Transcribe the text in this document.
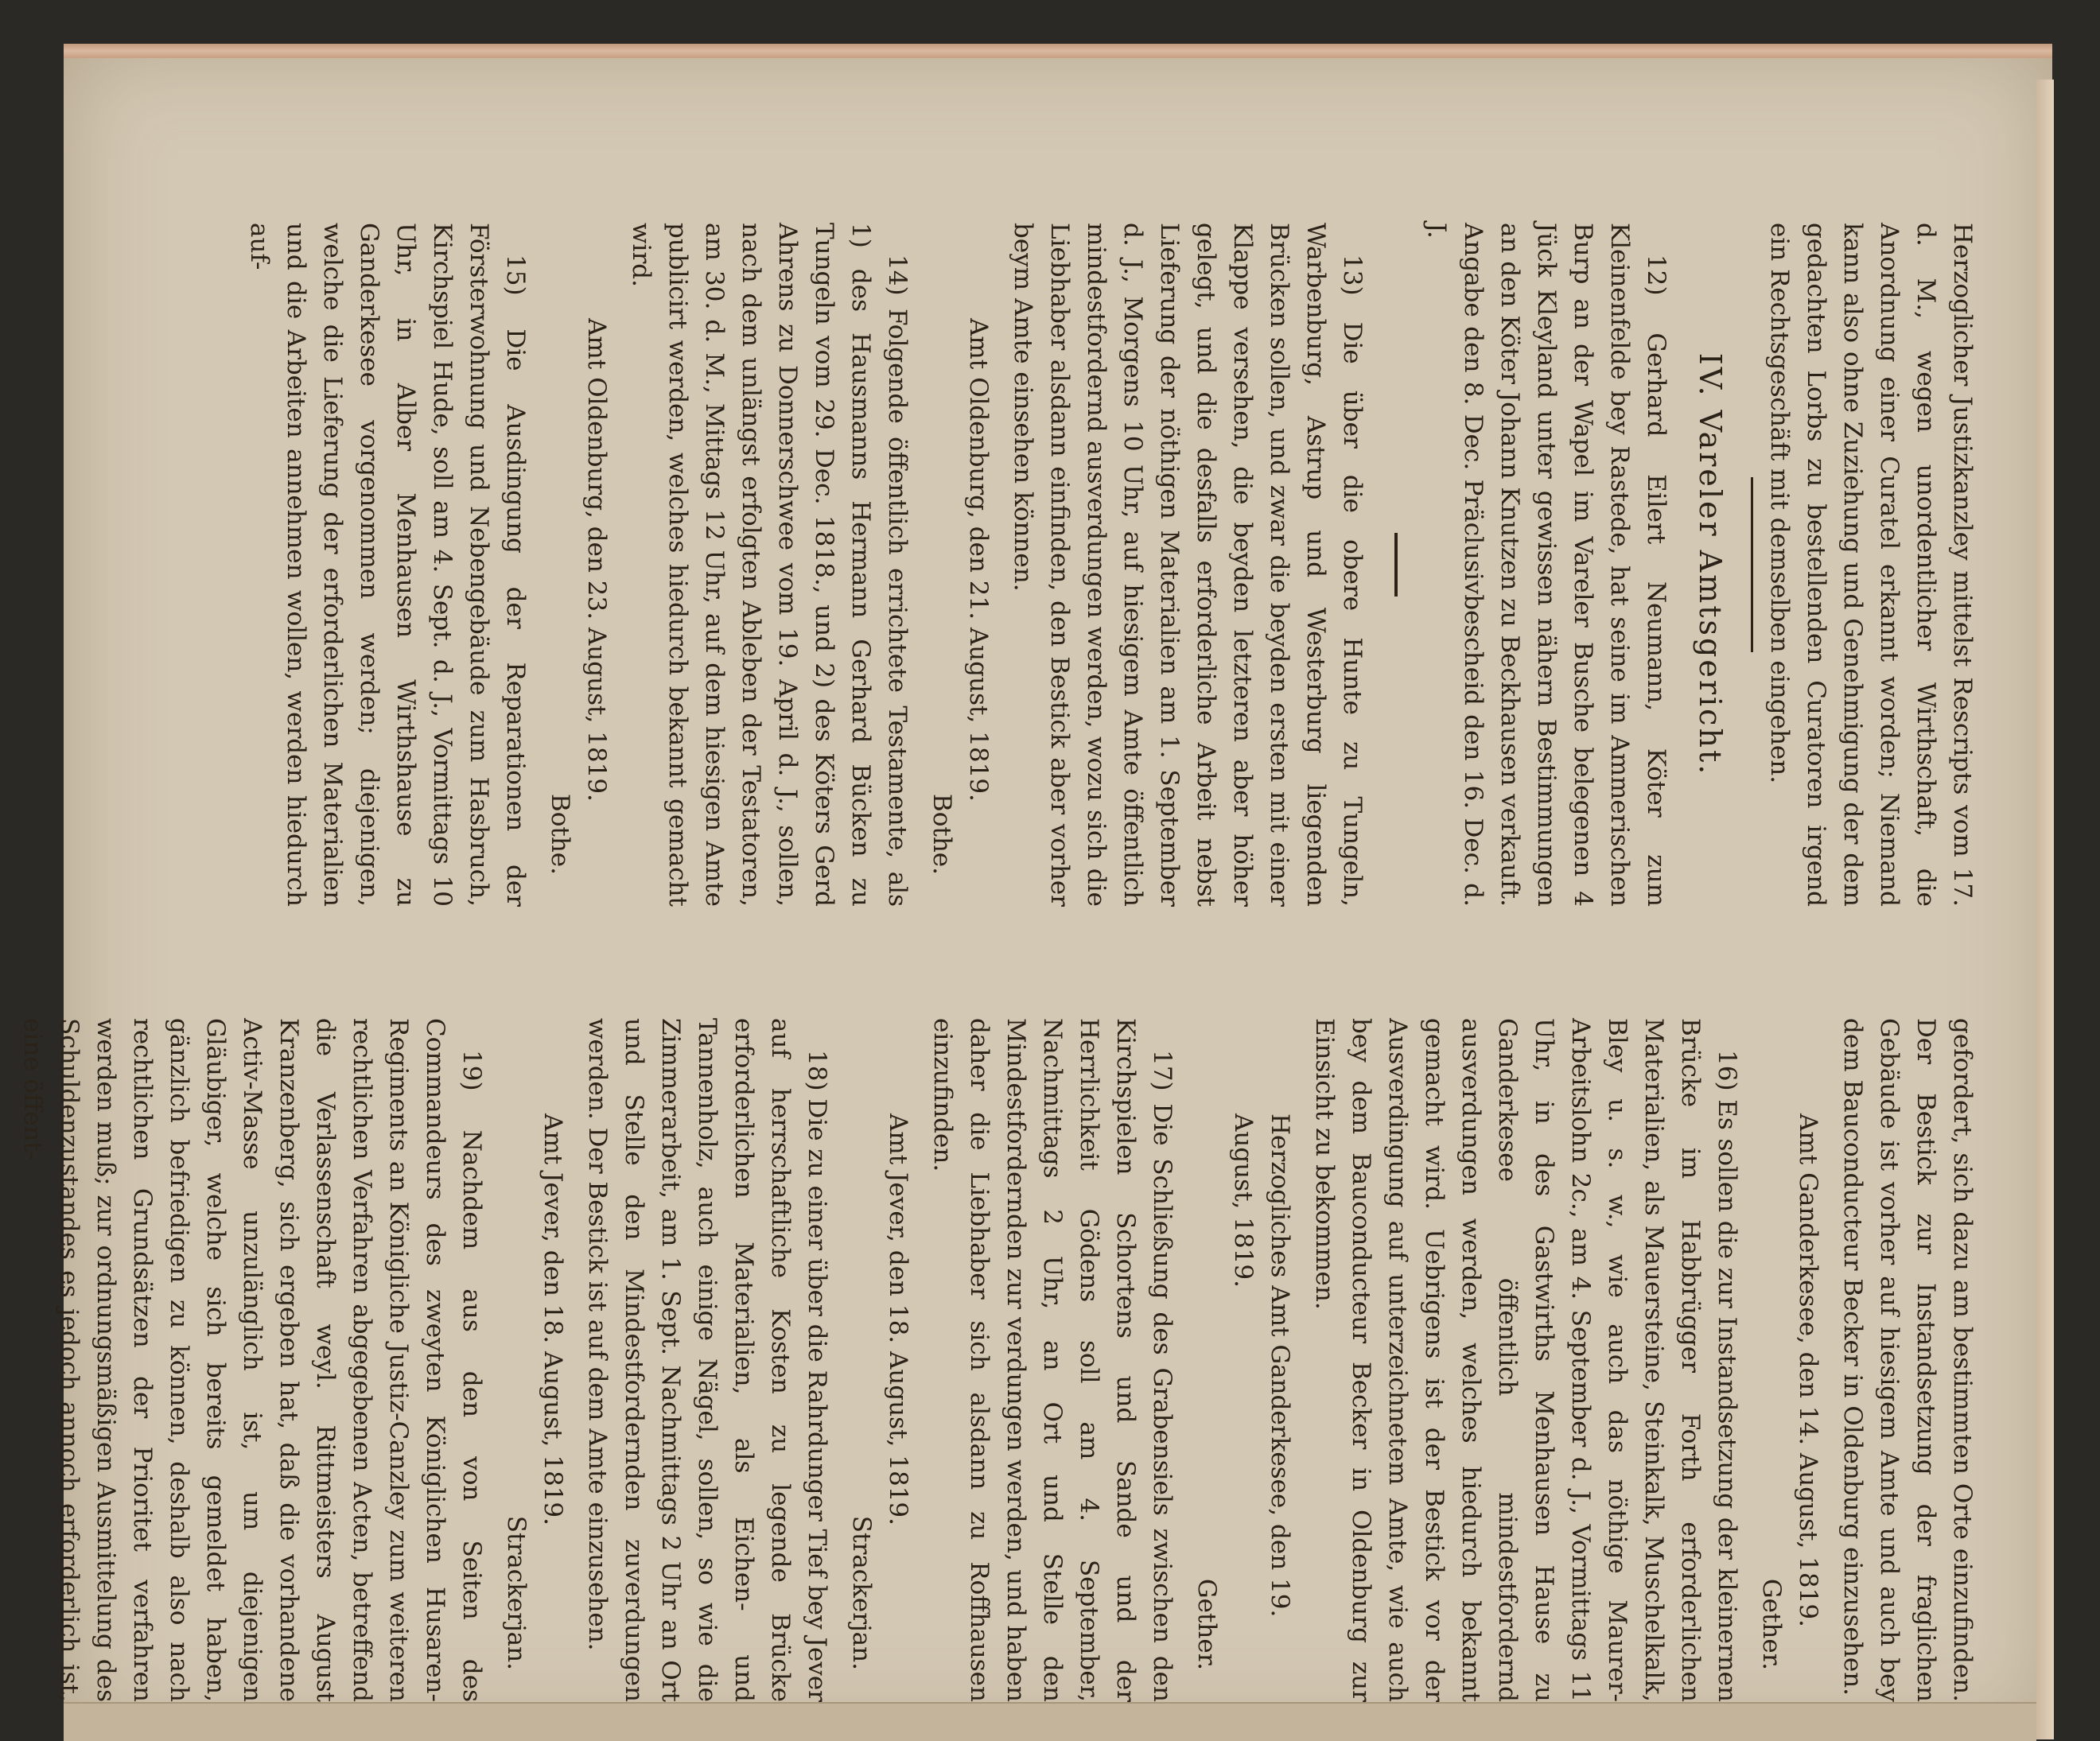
Herzoglicher Justizkanzley mittelst Rescripts vom 17. d. M., wegen unordentlicher Wirthschaft, die Anordnung einer Curatel erkannt worden; Niemand kann also ohne Zuziehung und Genehmigung der dem gedachten Lorbs zu bestellenden Curatoren irgend ein Rechtsgeschäft mit demselben eingehen.

IV. Vareler Amtsgericht.

12) Gerhard Eilert Neumann, Köter zum Kleinenfelde bey Rastede, hat seine im Ammerischen Burp an der Wapel im Vareler Busche belegenen 4 Jück Kleyland unter gewissen nähern Bestimmungen an den Köter Johann Knutzen zu Beckhausen verkauft. Angabe den 8. Dec. Präclusivbescheid den 16. Dec. d. J.

13) Die über die obere Hunte zu Tungeln, Warbenburg, Astrup und Westerburg liegenden Brücken sollen, und zwar die beyden ersten mit einer Klappe versehen, die beyden letzteren aber höher gelegt, und die desfalls erforderliche Arbeit nebst Lieferung der nöthigen Materialien am 1. September d. J., Morgens 10 Uhr, auf hiesigem Amte öffentlich mindestfordernd ausverdungen werden, wozu sich die Liebhaber alsdann einfinden, den Bestick aber vorher beym Amte einsehen können.

Amt Oldenburg, den 21. August, 1819.

Bothe.

14) Folgende öffentlich errichtete Testamente, als 1) des Hausmanns Hermann Gerhard Bücken zu Tungeln vom 29. Dec. 1818., und 2) des Köters Gerd Ahrens zu Donnerschwee vom 19. April d. J., sollen, nach dem unlängst erfolgten Ableben der Testatoren, am 30. d. M., Mittags 12 Uhr, auf dem hiesigen Amte publicirt werden, welches hiedurch bekannt gemacht wird.

Amt Oldenburg, den 23. August, 1819.

Bothe.

15) Die Ausdingung der Reparationen der Försterwohnung und Nebengebäude zum Hasbruch, Kirchspiel Hude, soll am 4. Sept. d. J., Vormittags 10 Uhr, in Alber Menhausen Wirthshause zu Ganderkesee vorgenommen werden; diejenigen, welche die Lieferung der erforderlichen Materialien und die Arbeiten annehmen wollen, werden hiedurch auf-

gefordert, sich dazu am bestimmten Orte einzufinden. Der Bestick zur Instandsetzung der fraglichen Gebäude ist vorher auf hiesigem Amte und auch bey dem Bauconducteur Becker in Oldenburg einzusehen.

Amt Ganderkesee, den 14. August, 1819.

Gether.

16) Es sollen die zur Instandsetzung der kleinernen Brücke im Habbrügger Forth erforderlichen Materialien, als Mauersteine, Steinkalk, Muschelkalk, Bley u. s. w., wie auch das nöthige Maurer-Arbeitslohn 2c., am 4. September d. J., Vormittags 11 Uhr, in des Gastwirths Menhausen Hause zu Ganderkesee öffentlich mindestfordernd ausverdungen werden, welches hiedurch bekannt gemacht wird. Uebrigens ist der Bestick vor der Ausverdingung auf unterzeichnetem Amte, wie auch bey dem Bauconducteur Becker in Oldenburg zur Einsicht zu bekommen.

Herzogliches Amt Ganderkesee, den 19. August, 1819.

Gether.

17) Die Schließung des Grabensiels zwischen den Kirchspielen Schortens und Sande und der Herrlichkeit Gödens soll am 4. September, Nachmittags 2 Uhr, an Ort und Stelle den Mindestfordernden zur verdungen werden, und haben daher die Liebhaber sich alsdann zu Roffhausen einzufinden.

Amt Jever, den 18. August, 1819.

Strackerjan.

18) Die zu einer über die Rahrdunger Tief bey Jever auf herrschaftliche Kosten zu legende Brücke erforderlichen Materialien, als Eichen- und Tannenholz, auch einige Nägel, sollen, so wie die Zimmerarbeit, am 1. Sept. Nachmittags 2 Uhr an Ort und Stelle den Mindestfordernden zuverdungen werden. Der Bestick ist auf dem Amte einzusehen.

Amt Jever, den 18. August, 1819.

Strackerjan.

19) Nachdem aus den von Seiten des Commandeurs des zweyten Königlichen Husaren-Regiments an Königliche Justiz-Canzley zum weiteren rechtlichen Verfahren abgegebenen Acten, betreffend die Verlassenschaft weyl. Rittmeisters August Kranzenberg, sich ergeben hat, daß die vorhandene Activ-Masse unzulänglich ist, um diejenigen Gläubiger, welche sich bereits gemeldet haben, gänzlich befriedigen zu können, deshalb also nach rechtlichen Grundsätzen der Prioritet verfahren werden muß; zur ordnungsmäßigen Ausmittelung des Schuldenzustandes es jedoch annoch erforderlich ist, eine öffent-
